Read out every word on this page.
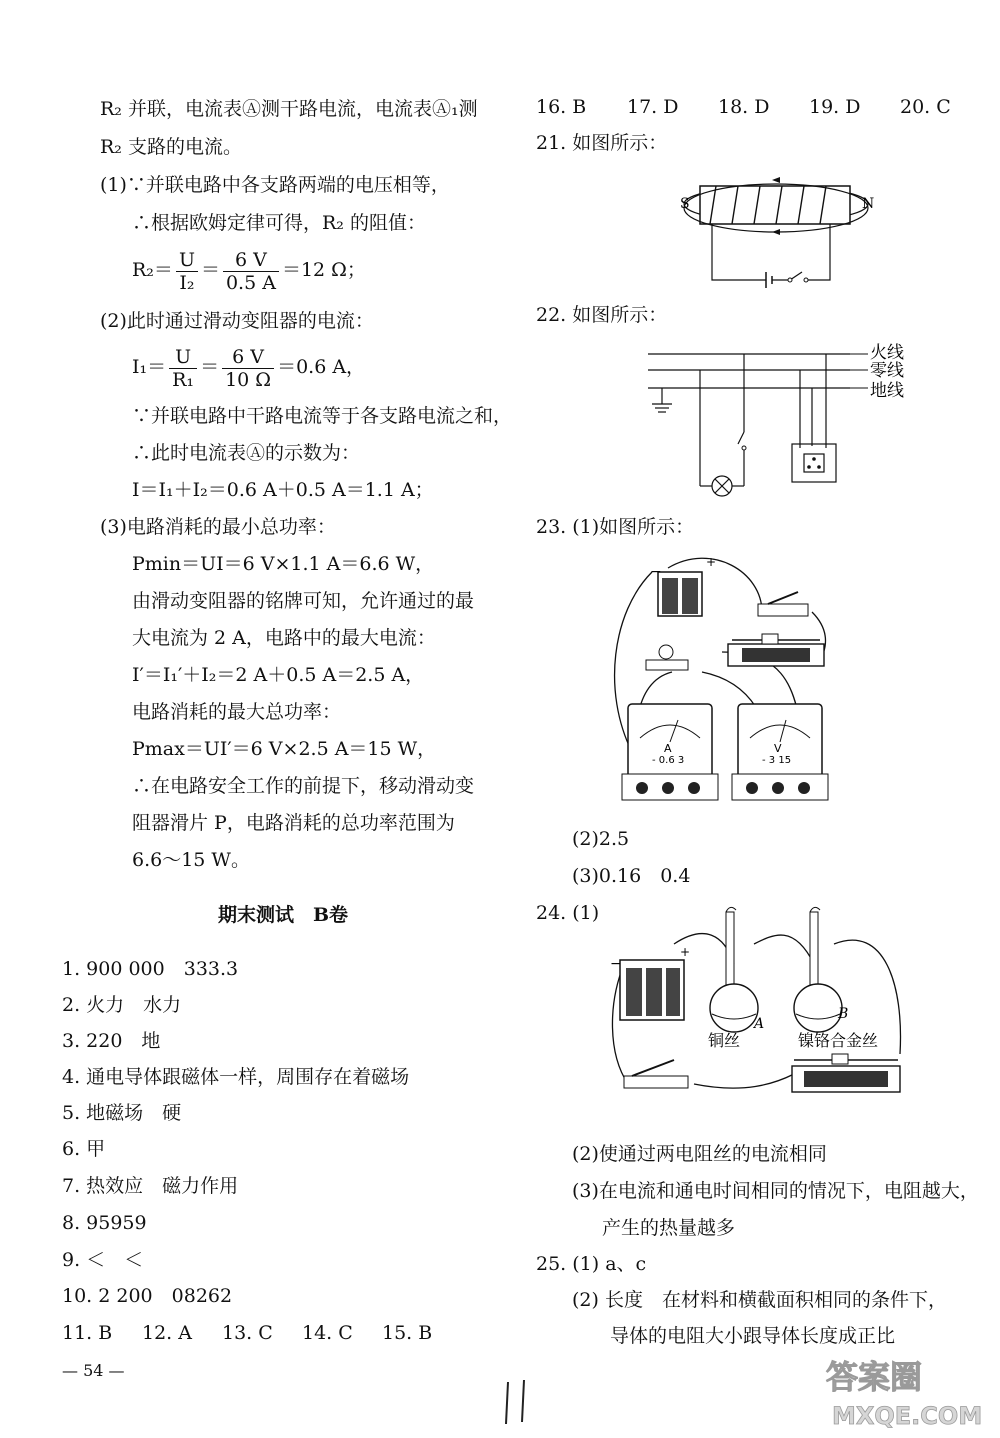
R₂ 并联，电流表Ⓐ测干路电流，电流表Ⓐ₁测
R₂ 支路的电流。
(1)∵并联电路中各支路两端的电压相等，
∴根据欧姆定律可得，R₂ 的阻值：
$R_2= \frac{U}{\text{I₂}} = \frac{6 V}{0.5 A} =12$ Ω；
(2)此时通过滑动变阻器的电流：
$I_1= \frac{U}{\text{R₁}} = \frac{6 V}{10 \Omega} =0.6$ A，
∵并联电路中干路电流等于各支路电流之和，
∴此时电流表Ⓐ的示数为：
I＝I₁＋I₂＝0.6 A＋0.5 A＝1.1 A；
(3)电路消耗的最小总功率：
Pmin＝UI＝6 V×1.1 A＝6.6 W，
由滑动变阻器的铭牌可知，允许通过的最
大电流为 2 A，电路中的最大电流：
I′＝I₁′＋I₂＝2 A＋0.5 A＝2.5 A，
电路消耗的最大总功率：
Pmax＝UI′＝6 V×2.5 A＝15 W，
∴在电路安全工作的前提下，移动滑动变
阻器滑片 P，电路消耗的总功率范围为
6.6～15 W。
期末测试　B卷
1. 900 000　333.3
2. 火力　水力
3. 220　地
4. 通电导体跟磁体一样，周围存在着磁场
5. 地磁场　硬
6. 甲
7. 热效应　磁力作用
8. 95959
9. ＜　＜
10. 2 200　08262
11. B 12. A 13. C 14. C 15. B
— 54 —
16. B 17. D 18. D 19. D 20. C
21. 如图所示：
S	N
22. 如图所示：
火线
零线
地线
23. (1)如图所示：
−
+
A
- 0.6 3
V
- 3 15
(2)2.5
(3)0.16　0.4
24. (1)
−
+
A
铜丝
B
镍铬合金丝
(2)使通过两电阻丝的电流相同
(3)在电流和通电时间相同的情况下，电阻越大，
产生的热量越多
25. (1) a、c
(2) 长度　在材料和横截面积相同的条件下，
导体的电阻大小跟导体长度成正比
答案圈
MXQE.COM
